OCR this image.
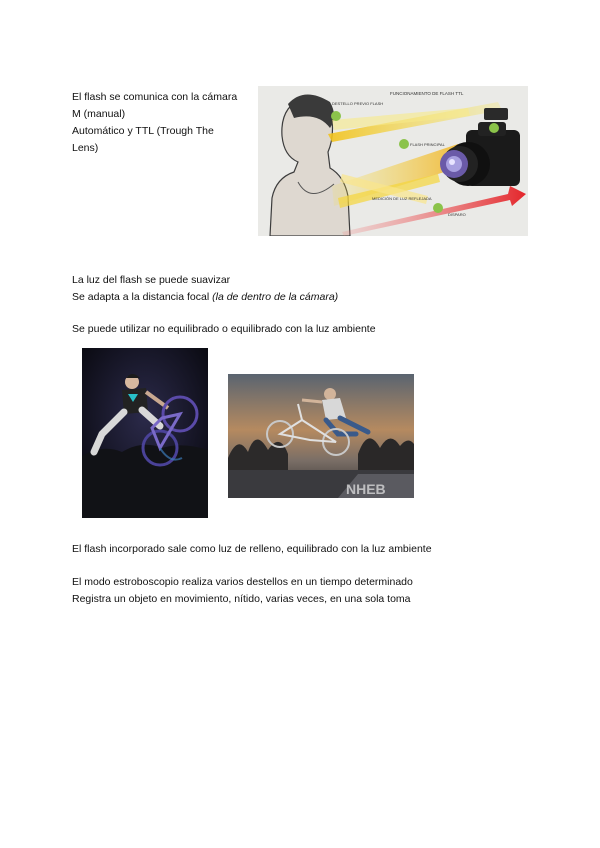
El flash se comunica con la cámara
M (manual)
Automático y TTL (Trough The
Lens)
FUNCIONAMIENTO DE FLASH TTL
DESTELLO PREVIO FLASH
FLASH PRINCIPAL
MEDICIÓN DE LUZ REFLEJADA
DISPARO
La luz del flash se puede suavizar
Se adapta a la distancia focal (la de dentro de la cámara)
Se puede utilizar no equilibrado o equilibrado con la luz ambiente
NHEB
El flash incorporado sale como luz de relleno, equilibrado con la luz ambiente
El modo estroboscopio realiza varios destellos en un tiempo determinado
Registra un objeto en movimiento, nítido, varias veces, en una sola toma
